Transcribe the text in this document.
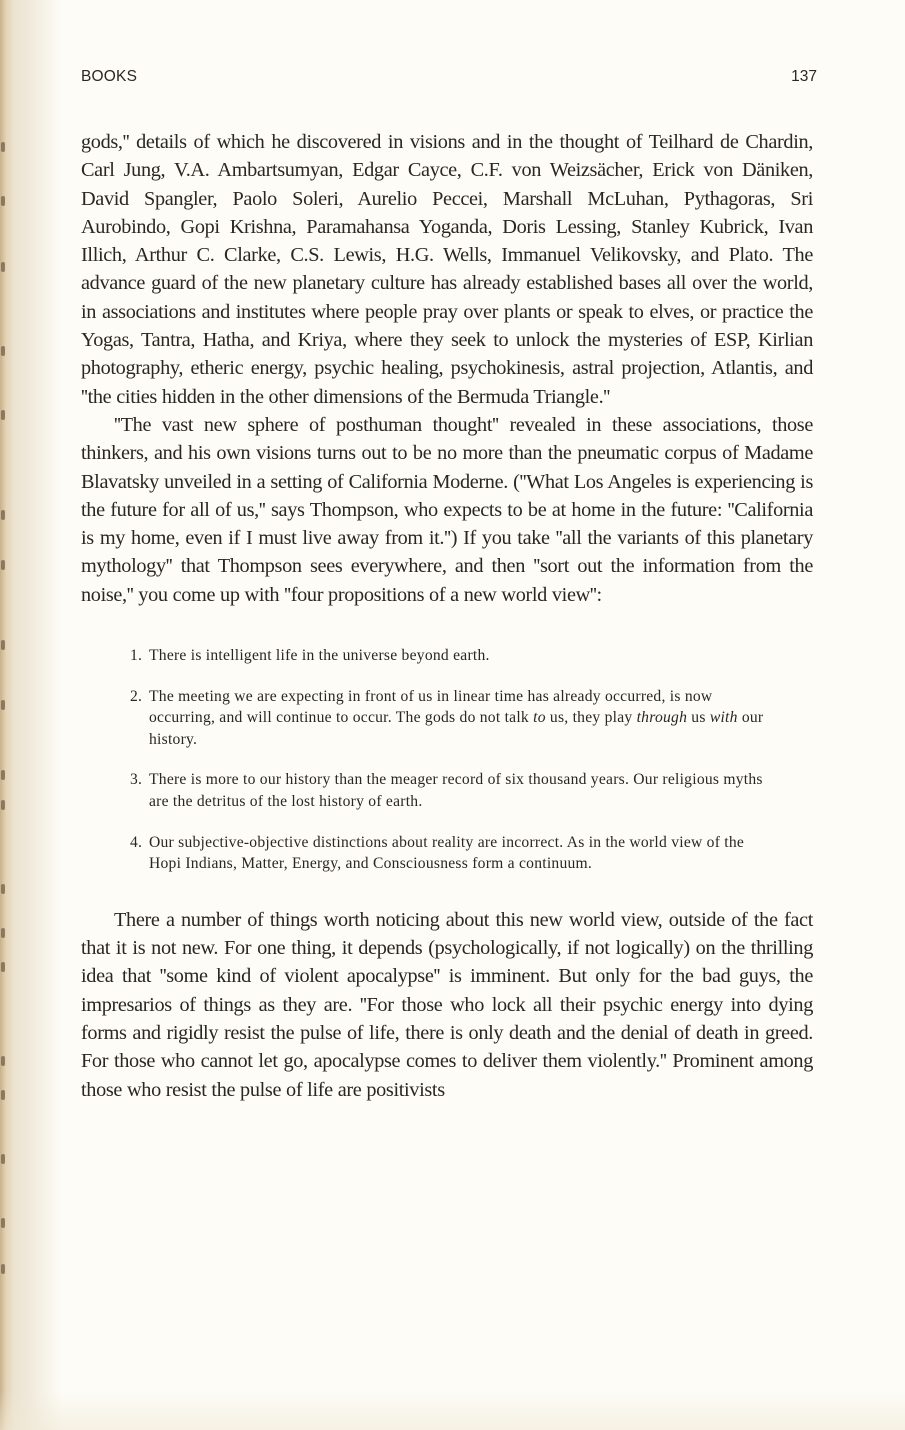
BOOKS	137

gods,'' details of which he discovered in visions and in the thought of Teilhard de Chardin, Carl Jung, V.A. Ambartsumyan, Edgar Cayce, C.F. von Weizsächer, Erick von Däniken, David Spangler, Paolo Soleri, Aurelio Peccei, Marshall McLuhan, Pythagoras, Sri Aurobindo, Gopi Krishna, Paramahansa Yoganda, Doris Lessing, Stanley Kubrick, Ivan Illich, Arthur C. Clarke, C.S. Lewis, H.G. Wells, Immanuel Velikovsky, and Plato. The advance guard of the new planetary culture has already established bases all over the world, in associations and institutes where people pray over plants or speak to elves, or practice the Yogas, Tantra, Hatha, and Kriya, where they seek to unlock the mysteries of ESP, Kirlian photography, etheric energy, psychic healing, psychokinesis, astral projection, Atlantis, and ''the cities hidden in the other dimensions of the Bermuda Triangle.''

''The vast new sphere of posthuman thought'' revealed in these associations, those thinkers, and his own visions turns out to be no more than the pneumatic corpus of Madame Blavatsky unveiled in a setting of California Moderne. (''What Los Angeles is experiencing is the future for all of us,'' says Thompson, who expects to be at home in the future: ''California is my home, even if I must live away from it.'') If you take ''all the variants of this planetary mythology'' that Thompson sees everywhere, and then ''sort out the information from the noise,'' you come up with ''four propositions of a new world view'':

1. There is intelligent life in the universe beyond earth.
2. The meeting we are expecting in front of us in linear time has already occurred, is now occurring, and will continue to occur. The gods do not talk to us, they play through us with our history.
3. There is more to our history than the meager record of six thousand years. Our religious myths are the detritus of the lost history of earth.
4. Our subjective-objective distinctions about reality are incorrect. As in the world view of the Hopi Indians, Matter, Energy, and Consciousness form a continuum.

There a number of things worth noticing about this new world view, outside of the fact that it is not new. For one thing, it depends (psychologically, if not logically) on the thrilling idea that ''some kind of violent apocalypse'' is imminent. But only for the bad guys, the impresarios of things as they are. ''For those who lock all their psychic energy into dying forms and rigidly resist the pulse of life, there is only death and the denial of death in greed. For those who cannot let go, apocalypse comes to deliver them violently.'' Prominent among those who resist the pulse of life are positivists
